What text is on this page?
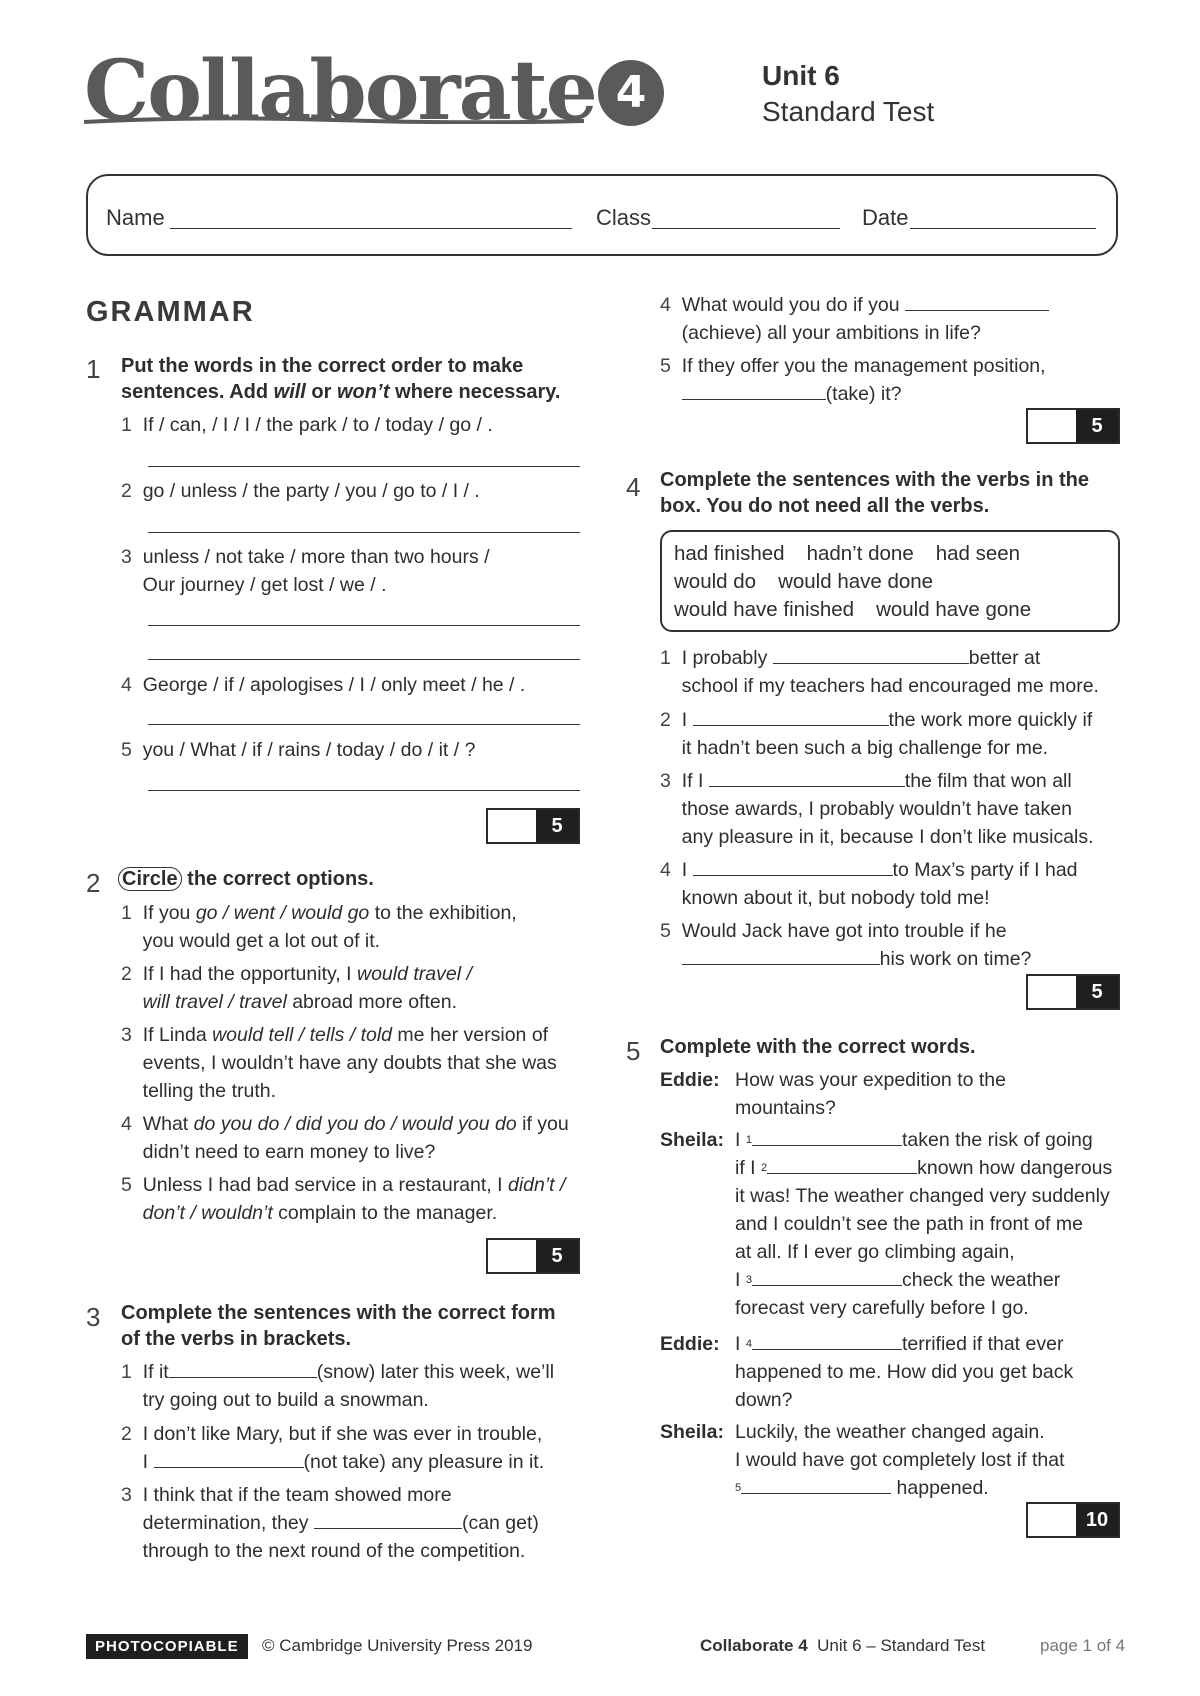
Collaborate 4	Unit 6
Standard Test
Name	Class	Date
GRAMMAR
1 Put the words in the correct order to make
sentences. Add will or won’t where necessary.
1 If / can, / I / I / the park / to / today / go / .
2 go / unless / the party / you / go to / I / .
3 unless / not take / more than two hours /
Our journey / get lost / we / .
4 George / if / apologises / I / only meet / he / .
5 you / What / if / rains / today / do / it / ?
5
2 Circle the correct options.
1 If you go / went / would go to the exhibition,
you would get a lot out of it.
2 If I had the opportunity, I would travel /
will travel / travel abroad more often.
3 If Linda would tell / tells / told me her version of
events, I wouldn’t have any doubts that she was
telling the truth.
4 What do you do / did you do / would you do if you
didn’t need to earn money to live?
5 Unless I had bad service in a restaurant, I didn’t /
don’t / wouldn’t complain to the manager.
5
3 Complete the sentences with the correct form
of the verbs in brackets.
1 If it	(snow) later this week, we’ll
try going out to build a snowman.
2 I don’t like Mary, but if she was ever in trouble,
I	(not take) any pleasure in it.
3 I think that if the team showed more
determination, they	(can get)
through to the next round of the competition.
4 What would you do if you
(achieve) all your ambitions in life?
5 If they offer you the management position,
(take) it?
5
4 Complete the sentences with the verbs in the
box. You do not need all the verbs.
had finished hadn’t done had seen
would do would have done
would have finished would have gone
1 I probably	better at
school if my teachers had encouraged me more.
2 I	the work more quickly if
it hadn’t been such a big challenge for me.
3 If I	the film that won all
those awards, I probably wouldn’t have taken
any pleasure in it, because I don’t like musicals.
4 I	to Max’s party if I had
known about it, but nobody told me!
5 Would Jack have got into trouble if he
his work on time?
5
5 Complete with the correct words.
Eddie: How was your expedition to the
mountains?
Sheila: I $^1$	taken the risk of going
if I $^2$	known how dangerous
it was! The weather changed very suddenly
and I couldn’t see the path in front of me
at all. If I ever go climbing again,
I $^3$	check the weather
forecast very carefully before I go.
Eddie: I $^4$	terrified if that ever
happened to me. How did you get back
down?
Sheila: Luckily, the weather changed again.
I would have got completely lost if that
$^5$	happened.
10
PHOTOCOPIABLE	© Cambridge University Press 2019	Collaborate 4 Unit 6 – Standard Test	page 1 of 4
